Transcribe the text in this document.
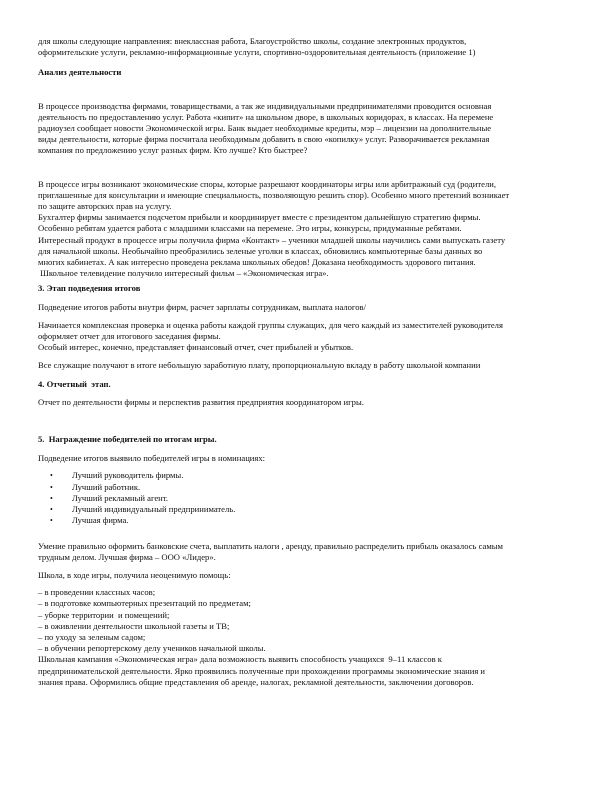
для школы следующие направления: внеклассная работа, Благоустройство школы, создание электронных продуктов,

оформительские услуги, рекламно-информационные услуги, спортивно-оздоровительная деятельность (приложение 1)

Анализ деятельности

В процессе производства фирмами, товариществами, а так же индивидуальными предпринимателями проводится основная

деятельность по предоставлению услуг. Работа «кипит» на школьном дворе, в школьных коридорах, в классах. На перемене

радиоузел сообщает новости Экономической игры. Банк выдает необходимые кредиты, мэр – лицензии на дополнительные

виды деятельности, которые фирма посчитала необходимым добавить в свою «копилку» услуг. Разворачивается рекламная

компания по предложению услуг разных фирм. Кто лучше? Кто быстрее?

В процессе игры возникают экономические споры, которые разрешают координаторы игры или арбитражный суд (родители,

приглашенные для консультации и имеющие специальность, позволяющую решить спор). Особенно много претензий возникает

по защите авторских прав на услугу.

Бухгалтер фирмы занимается подсчетом прибыли и координирует вместе с президентом дальнейшую стратегию фирмы.

Особенно ребятам удается работа с младшими классами на перемене. Это игры, конкурсы, придуманные ребятами.

Интересный продукт в процессе игры получила фирма «Контакт» – ученики младшей школы научились сами выпускать газету

для начальной школы. Необычайно преобразились зеленые уголки в классах, обновились компьютерные базы данных во

многих кабинетах. А как интересно проведена реклама школьных обедов! Доказана необходимость здорового питания.

Школьное телевидение получило интересный фильм – «Экономическая игра».

3. Этап подведения итогов

Подведение итогов работы внутри фирм, расчет зарплаты сотрудникам, выплата налогов/

Начинается комплексная проверка и оценка работы каждой группы служащих, для чего каждый из заместителей руководителя

оформляет отчет для итогового заседания фирмы.

Особый интерес, конечно, представляет финансовый отчет, счет прибылей и убытков.

Все служащие получают в итоге небольшую заработную плату, пропорциональную вкладу в работу школьной компании

4. Отчетный  этап.

Отчет по деятельности фирмы и перспектив развития предприятия координатором игры.

5.  Награждение победителей по итогам игры.

Подведение итогов выявило победителей игры в номинациях:

• Лучший руководитель фирмы.
• Лучший работник.
• Лучший рекламный агент.
• Лучший индивидуальный предприниматель.
• Лучшая фирма.

Умение правильно оформить банковские счета, выплатить налоги , аренду, правильно распределить прибыль оказалось самым

трудным делом. Лучшая фирма – ООО «Лидер».

Школа, в ходе игры, получила неоценимую помощь:

– в проведении классных часов;

– в подготовке компьютерных презентаций по предметам;

– уборке территории  и помещений;

– в оживлении деятельности школьной газеты и ТВ;

– по уходу за зеленым садом;

– в обучении репортерскому делу учеников начальной школы.

Школьная кампания «Экономическая игра» дала возможность выявить способность учащихся  9–11 классов к

предпринимательской деятельности. Ярко проявились полученные при прохождении программы экономические знания и

знания права. Оформились общие представления об аренде, налогах, рекламной деятельности, заключении договоров.
